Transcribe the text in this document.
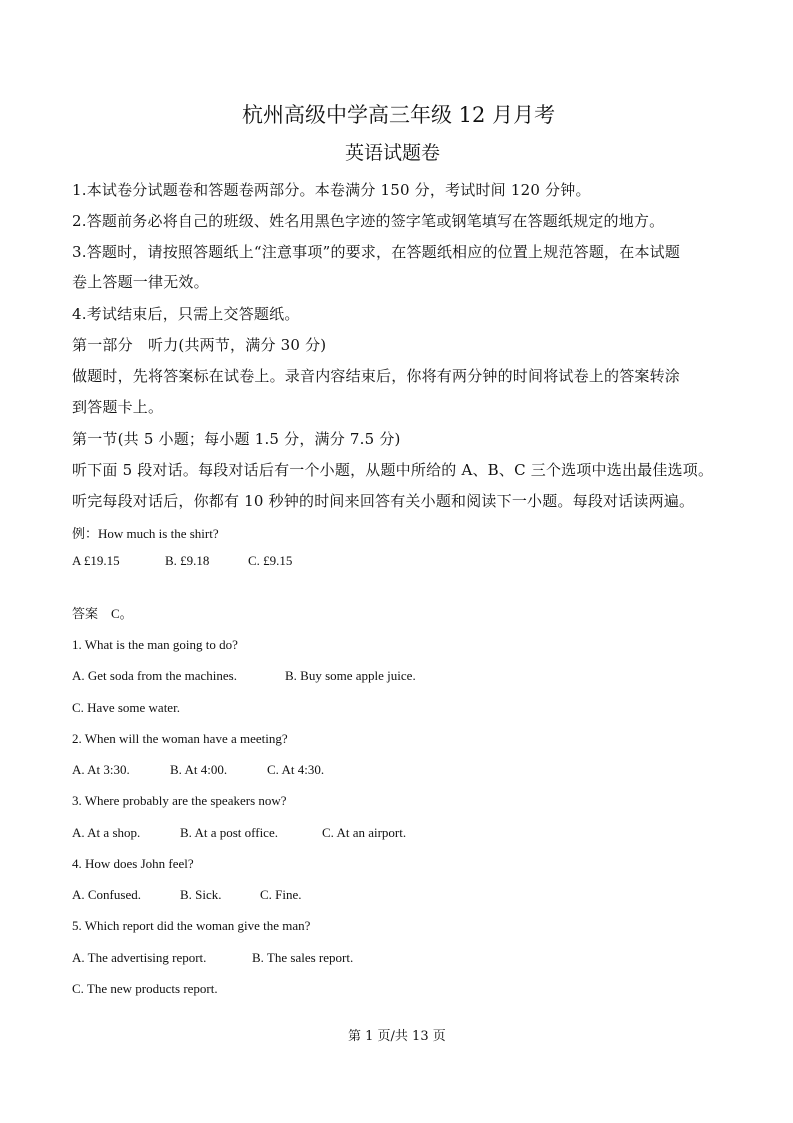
杭州高级中学高三年级 12 月月考
英语试题卷
1.本试卷分试题卷和答题卷两部分。本卷满分 150 分，考试时间 120 分钟。
2.答题前务必将自己的班级、姓名用黑色字迹的签字笔或钢笔填写在答题纸规定的地方。
3.答题时，请按照答题纸上“注意事项”的要求，在答题纸相应的位置上规范答题，在本试题
卷上答题一律无效。
4.考试结束后，只需上交答题纸。
第一部分　听力(共两节，满分 30 分)
做题时，先将答案标在试卷上。录音内容结束后，你将有两分钟的时间将试卷上的答案转涂
到答题卡上。
第一节(共 5 小题；每小题 1.5 分，满分 7.5 分)
听下面 5 段对话。每段对话后有一个小题，从题中所给的 A、B、C 三个选项中选出最佳选项。
听完每段对话后，你都有 10 秒钟的时间来回答有关小题和阅读下一小题。每段对话读两遍。
例：How much is the shirt?
A £19.15	B. £9.18	C. £9.15
答案　C。
1. What is the man going to do?
A. Get soda from the machines.	B. Buy some apple juice.
C. Have some water.
2. When will the woman have a meeting?
A. At 3:30.	B. At 4:00.	C. At 4:30.
3. Where probably are the speakers now?
A. At a shop.	B. At a post office.	C. At an airport.
4. How does John feel?
A. Confused.	B. Sick.	C. Fine.
5. Which report did the woman give the man?
A. The advertising report.	B. The sales report.
C. The new products report.
第 1 页/共 13 页
